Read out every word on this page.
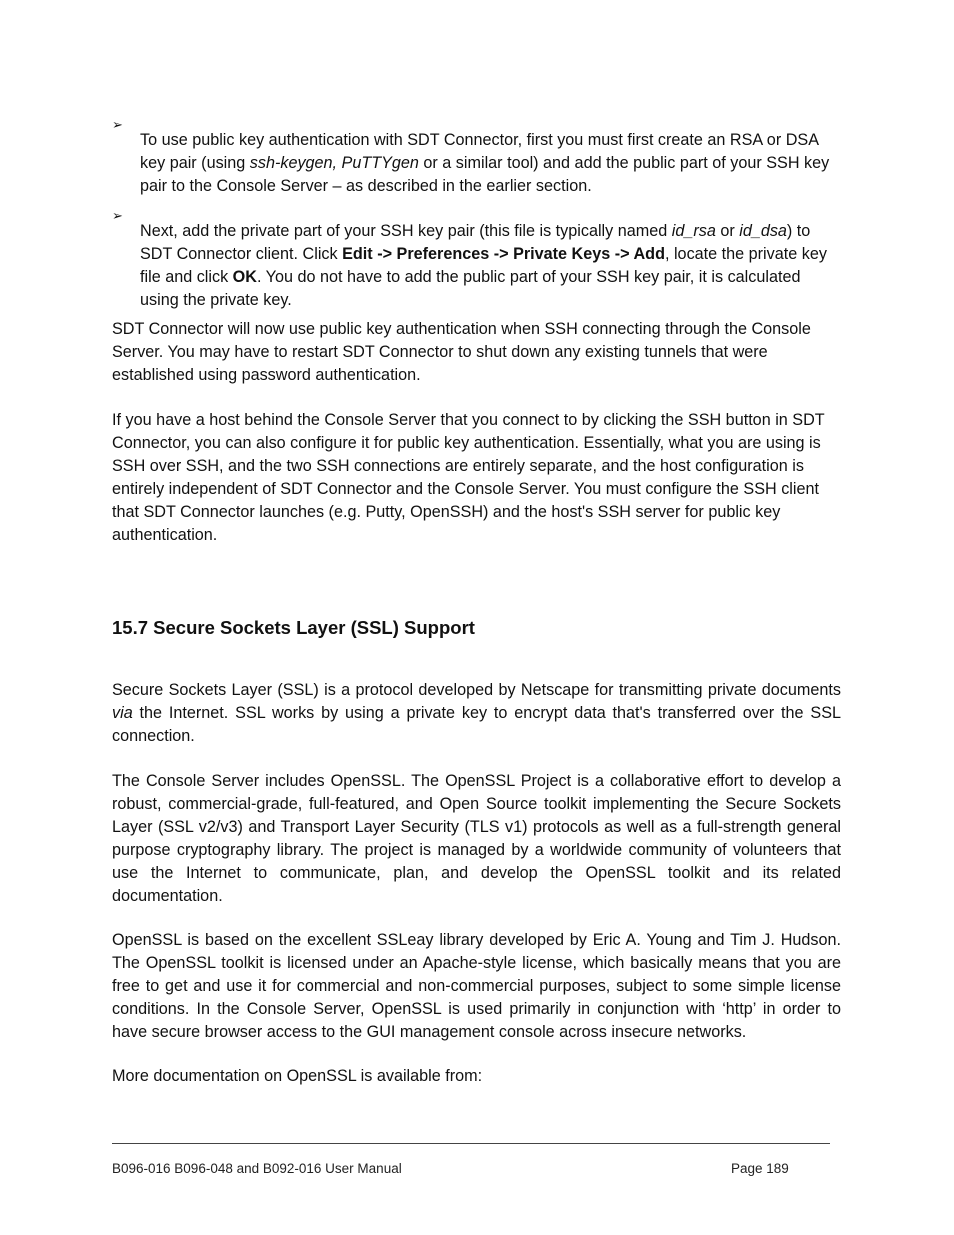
➢

To use public key authentication with SDT Connector, first you must first create an RSA or DSA key pair (using ssh-keygen, PuTTYgen or a similar tool) and add the public part of your SSH key pair to the Console Server – as described in the earlier section.

➢

Next, add the private part of your SSH key pair (this file is typically named id_rsa or id_dsa) to SDT Connector client. Click Edit -> Preferences -> Private Keys -> Add, locate the private key file and click OK. You do not have to add the public part of your SSH key pair, it is calculated using the private key.

SDT Connector will now use public key authentication when SSH connecting through the Console Server. You may have to restart SDT Connector to shut down any existing tunnels that were established using password authentication.

If you have a host behind the Console Server that you connect to by clicking the SSH button in SDT Connector, you can also configure it for public key authentication. Essentially, what you are using is SSH over SSH, and the two SSH connections are entirely separate, and the host configuration is entirely independent of SDT Connector and the Console Server. You must configure the SSH client that SDT Connector launches (e.g. Putty, OpenSSH) and the host's SSH server for public key authentication.

15.7 Secure Sockets Layer (SSL) Support

Secure Sockets Layer (SSL) is a protocol developed by Netscape for transmitting private documents via the Internet. SSL works by using a private key to encrypt data that's transferred over the SSL connection.

The Console Server includes OpenSSL. The OpenSSL Project is a collaborative effort to develop a robust, commercial-grade, full-featured, and Open Source toolkit implementing the Secure Sockets Layer (SSL v2/v3) and Transport Layer Security (TLS v1) protocols as well as a full-strength general purpose cryptography library. The project is managed by a worldwide community of volunteers that use the Internet to communicate, plan, and develop the OpenSSL toolkit and its related documentation.

OpenSSL is based on the excellent SSLeay library developed by Eric A. Young and Tim J. Hudson. The OpenSSL toolkit is licensed under an Apache-style license, which basically means that you are free to get and use it for commercial and non-commercial purposes, subject to some simple license conditions. In the Console Server, OpenSSL is used primarily in conjunction with ‘http’ in order to have secure browser access to the GUI management console across insecure networks.

More documentation on OpenSSL is available from:

B096-016 B096-048 and B092-016 User Manual	Page 189
